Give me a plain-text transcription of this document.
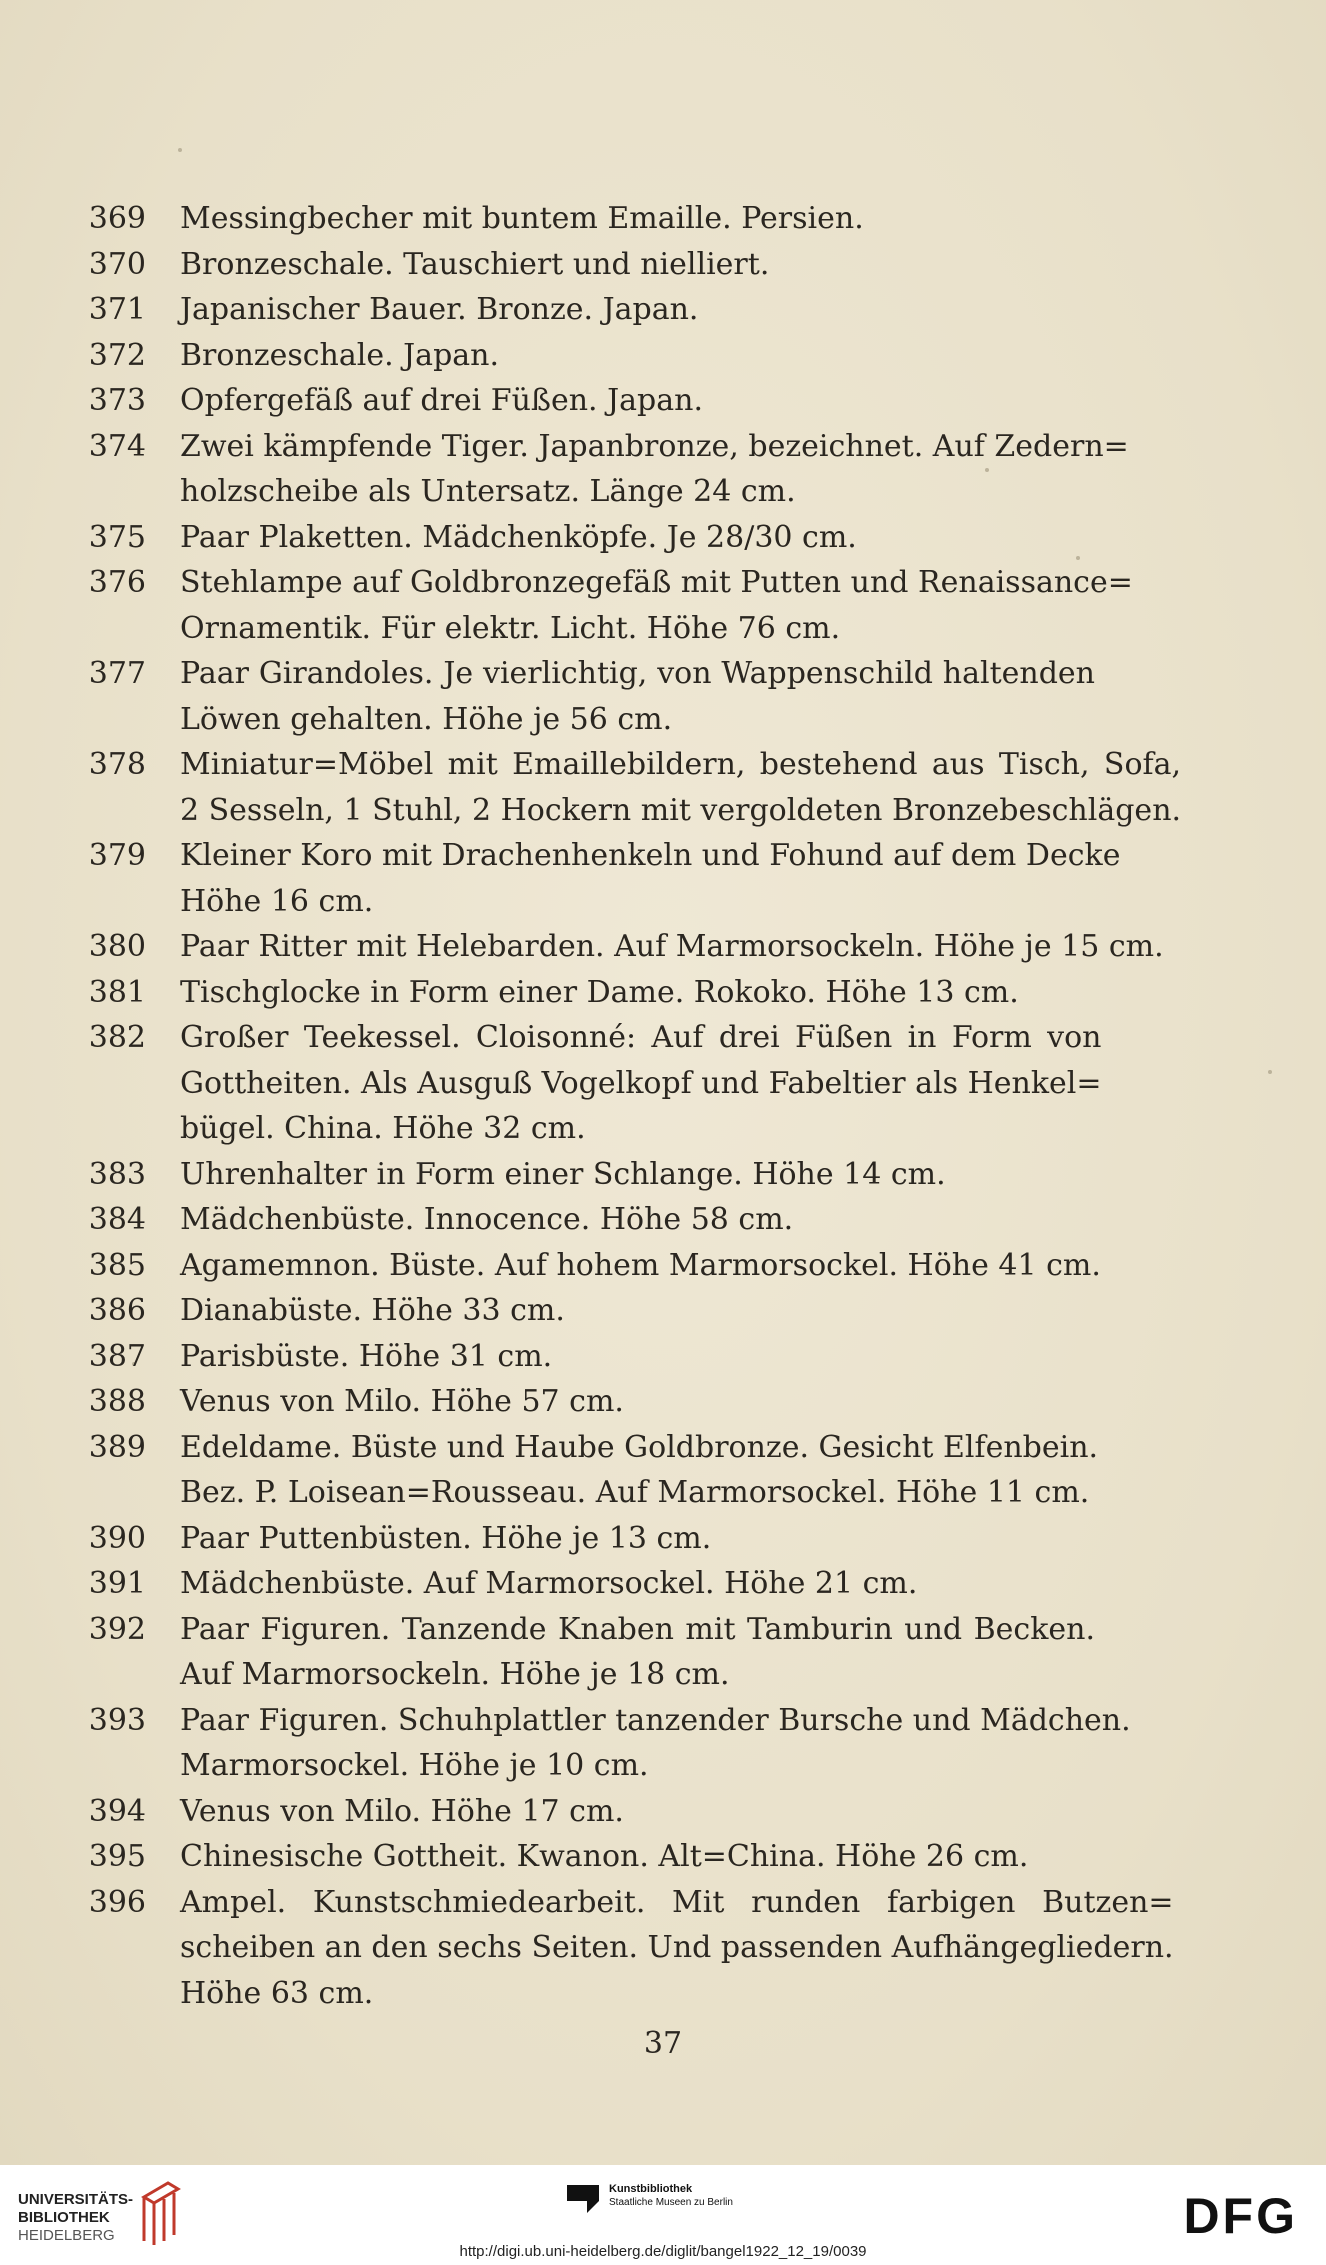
369	Messingbecher mit buntem Emaille. Persien.
370	Bronzeschale. Tauschiert und nielliert.
371	Japanischer Bauer. Bronze. Japan.
372	Bronzeschale. Japan.
373	Opfergefäß auf drei Füßen. Japan.
374	Zwei kämpfende Tiger. Japanbronze, bezeichnet. Auf Zedern=
holzscheibe als Untersatz. Länge 24 cm.
375	Paar Plaketten. Mädchenköpfe. Je 28/30 cm.
376	Stehlampe auf Goldbronzegefäß mit Putten und Renaissance=
Ornamentik. Für elektr. Licht. Höhe 76 cm.
377	Paar Girandoles. Je vierlichtig, von Wappenschild haltenden
Löwen gehalten. Höhe je 56 cm.
378	Miniatur=Möbel mit Emaillebildern, bestehend aus Tisch, Sofa,
2 Sesseln, 1 Stuhl, 2 Hockern mit vergoldeten Bronzebeschlägen.
379	Kleiner Koro mit Drachenhenkeln und Fohund auf dem Decke
Höhe 16 cm.
380	Paar Ritter mit Helebarden. Auf Marmorsockeln. Höhe je 15 cm.
381	Tischglocke in Form einer Dame. Rokoko. Höhe 13 cm.
382	Großer Teekessel. Cloisonné: Auf drei Füßen in Form von
Gottheiten. Als Ausguß Vogelkopf und Fabeltier als Henkel=
bügel. China. Höhe 32 cm.
383	Uhrenhalter in Form einer Schlange. Höhe 14 cm.
384	Mädchenbüste. Innocence. Höhe 58 cm.
385	Agamemnon. Büste. Auf hohem Marmorsockel. Höhe 41 cm.
386	Dianabüste. Höhe 33 cm.
387	Parisbüste. Höhe 31 cm.
388	Venus von Milo. Höhe 57 cm.
389	Edeldame. Büste und Haube Goldbronze. Gesicht Elfenbein.
Bez. P. Loisean=Rousseau. Auf Marmorsockel. Höhe 11 cm.
390	Paar Puttenbüsten. Höhe je 13 cm.
391	Mädchenbüste. Auf Marmorsockel. Höhe 21 cm.
392	Paar Figuren. Tanzende Knaben mit Tamburin und Becken.
Auf Marmorsockeln. Höhe je 18 cm.
393	Paar Figuren. Schuhplattler tanzender Bursche und Mädchen.
Marmorsockel. Höhe je 10 cm.
394	Venus von Milo. Höhe 17 cm.
395	Chinesische Gottheit. Kwanon. Alt=China. Höhe 26 cm.
396	Ampel. Kunstschmiedearbeit. Mit runden farbigen Butzen=
scheiben an den sechs Seiten. Und passenden Aufhängegliedern.
Höhe 63 cm.
37
UNIVERSITÄTS-
BIBLIOTHEK
HEIDELBERG
Kunstbibliothek
Staatliche Museen zu Berlin	DFG
http://digi.ub.uni-heidelberg.de/diglit/bangel1922_12_19/0039
